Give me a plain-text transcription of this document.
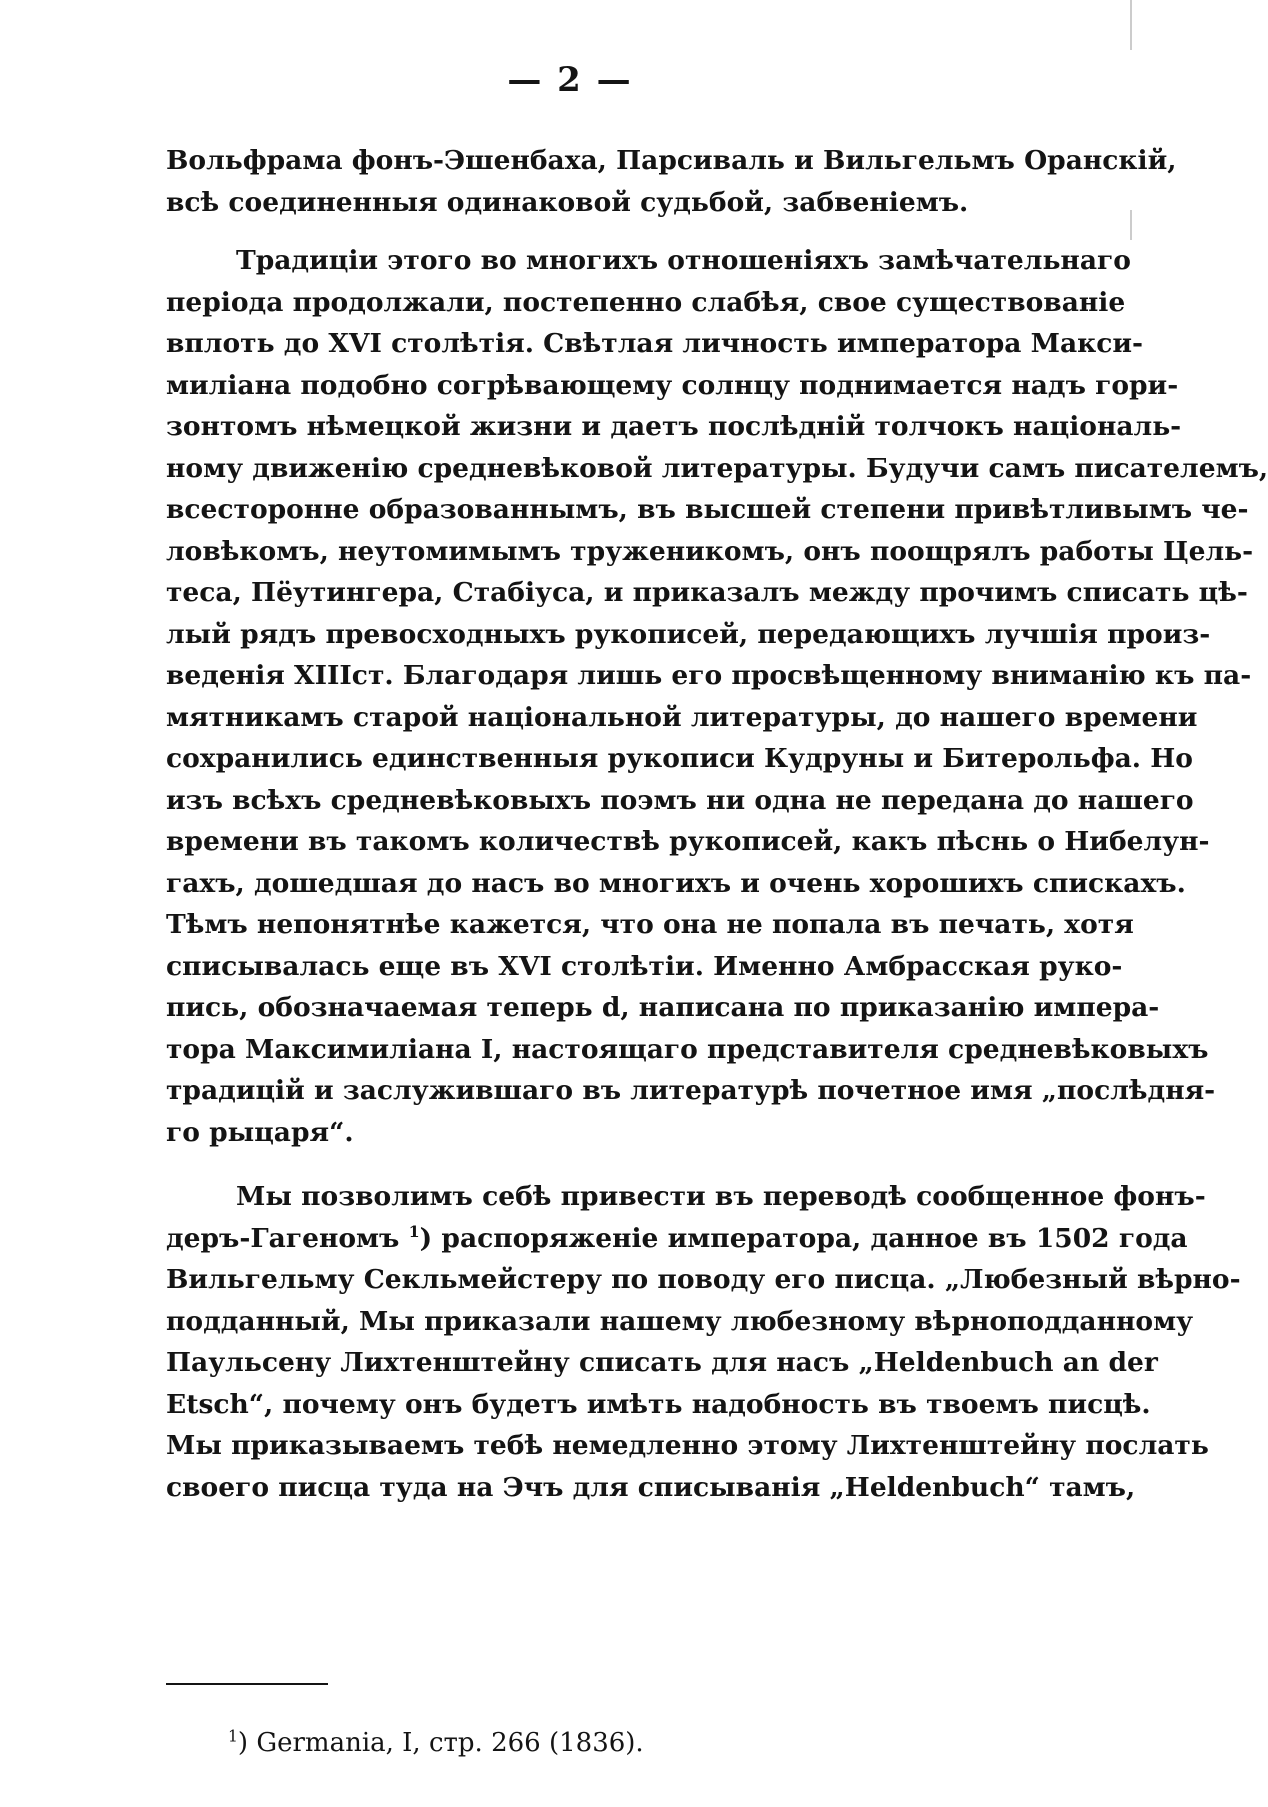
— 2 —
Вольфрама фонъ-Эшенбаха, Парсиваль и Вильгельмъ Оранскій,
всѣ соединенныя одинаковой судьбой, забвеніемъ.
Традиціи этого во многихъ отношеніяхъ замѣчательнаго
періода продолжали, постепенно слабѣя, свое существованіе
вплоть до XVI столѣтія. Свѣтлая личность императора Макси-
миліана подобно согрѣвающему солнцу поднимается надъ гори-
зонтомъ нѣмецкой жизни и даетъ послѣдній толчокъ національ-
ному движенію средневѣковой литературы. Будучи самъ писателемъ,
всесторонне образованнымъ, въ высшей степени привѣтливымъ че-
ловѣкомъ, неутомимымъ труженикомъ, онъ поощрялъ работы Цель-
теса, Пёутингера, Стабіуса, и приказалъ между прочимъ списать цѣ-
лый рядъ превосходныхъ рукописей, передающихъ лучшія произ-
веденія XIIIст. Благодаря лишь его просвѣщенному вниманію къ па-
мятникамъ старой національной литературы, до нашего времени
сохранились единственныя рукописи Кудруны и Битерольфа. Но
изъ всѣхъ средневѣковыхъ поэмъ ни одна не передана до нашего
времени въ такомъ количествѣ рукописей, какъ пѣснь о Нибелун-
гахъ, дошедшая до насъ во многихъ и очень хорошихъ спискахъ.
Тѣмъ непонятнѣе кажется, что она не попала въ печать, хотя
списывалась еще въ XVI столѣтіи. Именно Амбрасская руко-
пись, обозначаемая теперь d, написана по приказанію импера-
тора Максимиліана I, настоящаго представителя средневѣковыхъ
традицій и заслужившаго въ литературѣ почетное имя „послѣдня-
го рыцаря“.
Мы позволимъ себѣ привести въ переводѣ сообщенное фонъ-
деръ-Гагеномъ $^1$ ) распоряженіе императора, данное въ 1502 года
Вильгельму Секльмейстеру по поводу его писца. „Любезный вѣрно-
подданный, Мы приказали нашему любезному вѣрноподданному
Паульсену Лихтенштейну списать для насъ „Heldenbuch an der
Etsch“, почему онъ будетъ имѣть надобность въ твоемъ писцѣ.
Мы приказываемъ тебѣ немедленно этому Лихтенштейну послать
своего писца туда на Эчъ для списыванія „Heldenbuch“ тамъ,
$^1$) Germania, I, стр. 266 (1836).
